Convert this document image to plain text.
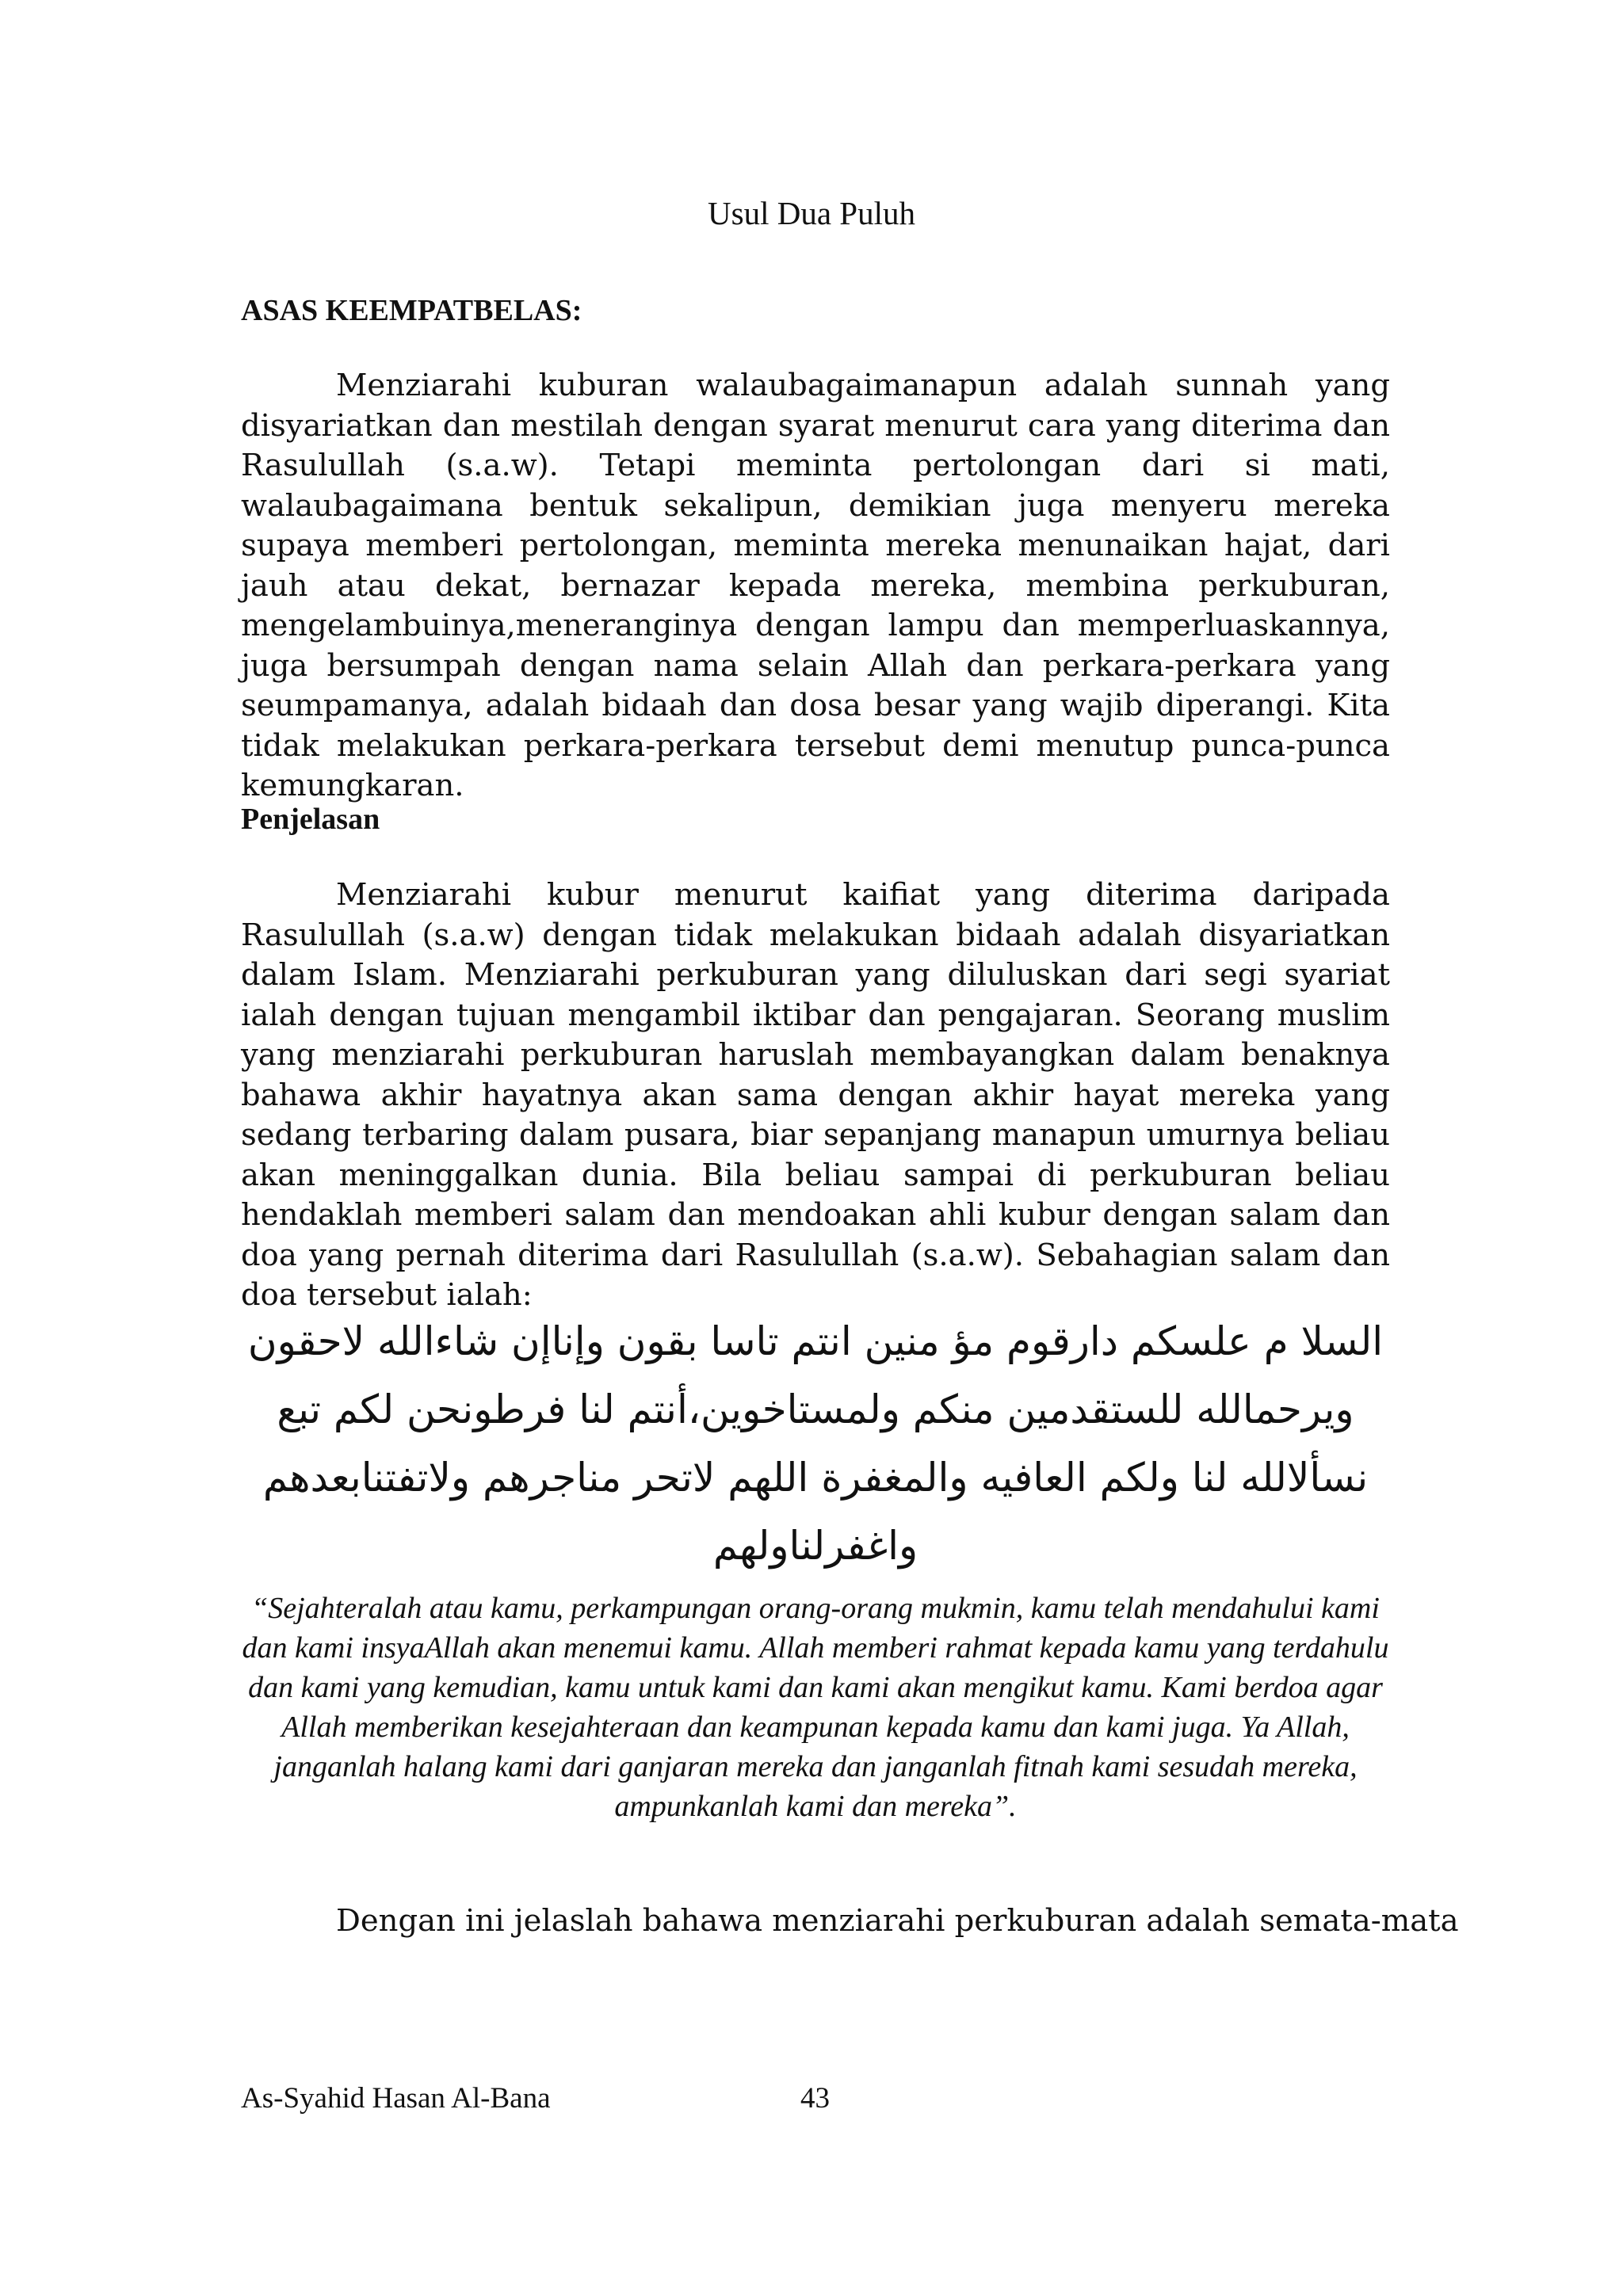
Usul Dua Puluh
ASAS KEEMPATBELAS:

Menziarahi kuburan walaubagaimanapun adalah sunnah yang disyariatkan dan mestilah dengan syarat menurut cara yang diterima dan Rasulullah (s.a.w). Tetapi meminta pertolongan dari si mati, walaubagaimana bentuk sekalipun, demikian juga menyeru mereka supaya memberi pertolongan, meminta mereka menunaikan hajat, dari jauh atau dekat, bernazar kepada mereka, membina perkuburan, mengelambuinya,meneranginya dengan lampu dan memperluaskannya, juga bersumpah dengan nama selain Allah dan perkara-perkara yang seumpamanya, adalah bidaah dan dosa besar yang wajib diperangi. Kita tidak melakukan perkara-perkara tersebut demi menutup punca-punca kemungkaran.

Penjelasan

Menziarahi kubur menurut kaifiat yang diterima daripada Rasulullah (s.a.w) dengan tidak melakukan bidaah adalah disyariatkan dalam Islam. Menziarahi perkuburan yang diluluskan dari segi syariat ialah dengan tujuan mengambil iktibar dan pengajaran. Seorang muslim yang menziarahi perkuburan haruslah membayangkan dalam benaknya bahawa akhir hayatnya akan sama dengan akhir hayat mereka yang sedang terbaring dalam pusara, biar sepanjang manapun umurnya beliau akan meninggalkan dunia. Bila beliau sampai di perkuburan beliau hendaklah memberi salam dan mendoakan ahli kubur dengan salam dan doa yang pernah diterima dari Rasulullah (s.a.w). Sebahagian salam dan doa tersebut ialah:

السلا م علسكم دارقوم مؤ منين انتم تاسا بقون وإناإن شاءالله لاحقون ويرحمالله للستقدمين منكم ولمستاخوين،أنتم لنا فرطونحن لكم تبع نسألالله لنا ولكم العافيه والمغفرة اللهم لاتحر مناجرهم ولاتفتنابعدهم واغفرلناولهم

“Sejahteralah atau kamu, perkampungan orang-orang mukmin, kamu telah mendahului kami dan kami insyaAllah akan menemui kamu. Allah memberi rahmat kepada kamu yang terdahulu dan kami yang kemudian, kamu untuk kami dan kami akan mengikut kamu. Kami berdoa agar Allah memberikan kesejahteraan dan keampunan kepada kamu dan kami juga. Ya Allah, janganlah halang kami dari ganjaran mereka dan janganlah fitnah kami sesudah mereka, ampunkanlah kami dan mereka”.

Dengan ini jelaslah bahawa menziarahi perkuburan adalah semata-mata

As-Syahid Hasan Al-Bana	43
